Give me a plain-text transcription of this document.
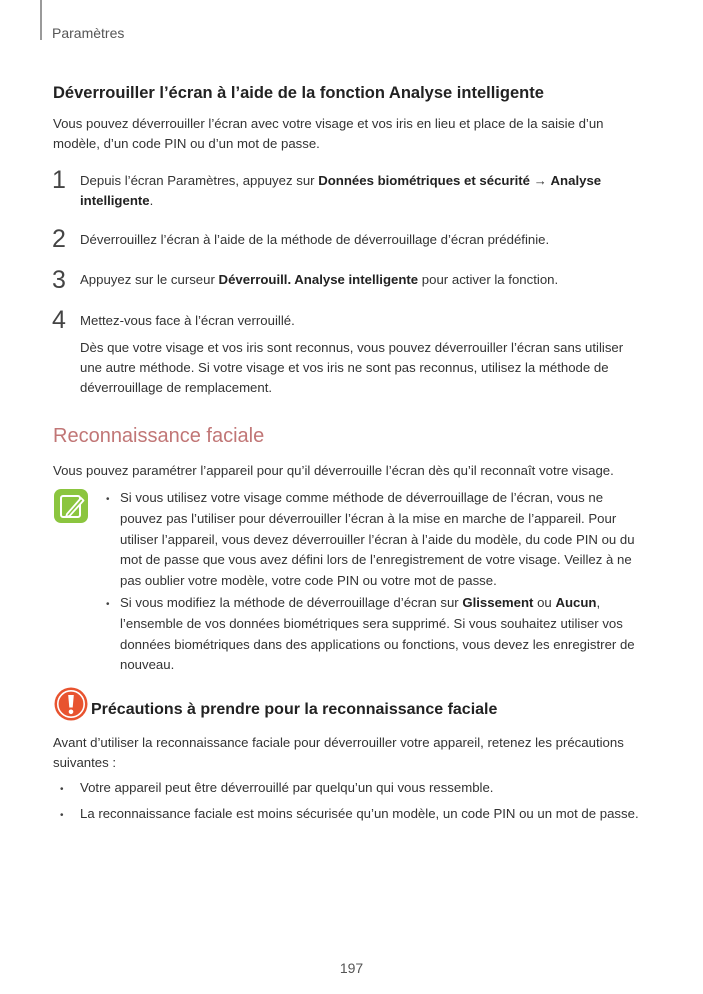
Paramètres
Déverrouiller l’écran à l’aide de la fonction Analyse intelligente
Vous pouvez déverrouiller l’écran avec votre visage et vos iris en lieu et place de la saisie d’un modèle, d’un code PIN ou d’un mot de passe.
1 Depuis l’écran Paramètres, appuyez sur Données biométriques et sécurité → Analyse intelligente.
2 Déverrouillez l’écran à l’aide de la méthode de déverrouillage d’écran prédéfinie.
3 Appuyez sur le curseur Déverrouill. Analyse intelligente pour activer la fonction.
4 Mettez-vous face à l’écran verrouillé.
Dès que votre visage et vos iris sont reconnus, vous pouvez déverrouiller l’écran sans utiliser une autre méthode. Si votre visage et vos iris ne sont pas reconnus, utilisez la méthode de déverrouillage de remplacement.
Reconnaissance faciale
Vous pouvez paramétrer l’appareil pour qu’il déverrouille l’écran dès qu’il reconnaît votre visage.
• Si vous utilisez votre visage comme méthode de déverrouillage de l’écran, vous ne pouvez pas l’utiliser pour déverrouiller l’écran à la mise en marche de l’appareil. Pour utiliser l’appareil, vous devez déverrouiller l’écran à l’aide du modèle, du code PIN ou du mot de passe que vous avez défini lors de l’enregistrement de votre visage. Veillez à ne pas oublier votre modèle, votre code PIN ou votre mot de passe.
• Si vous modifiez la méthode de déverrouillage d’écran sur Glissement ou Aucun, l’ensemble de vos données biométriques sera supprimé. Si vous souhaitez utiliser vos données biométriques dans des applications ou fonctions, vous devez les enregistrer de nouveau.
Précautions à prendre pour la reconnaissance faciale
Avant d’utiliser la reconnaissance faciale pour déverrouiller votre appareil, retenez les précautions suivantes :
• Votre appareil peut être déverrouillé par quelqu’un qui vous ressemble.
• La reconnaissance faciale est moins sécurisée qu’un modèle, un code PIN ou un mot de passe.
197
